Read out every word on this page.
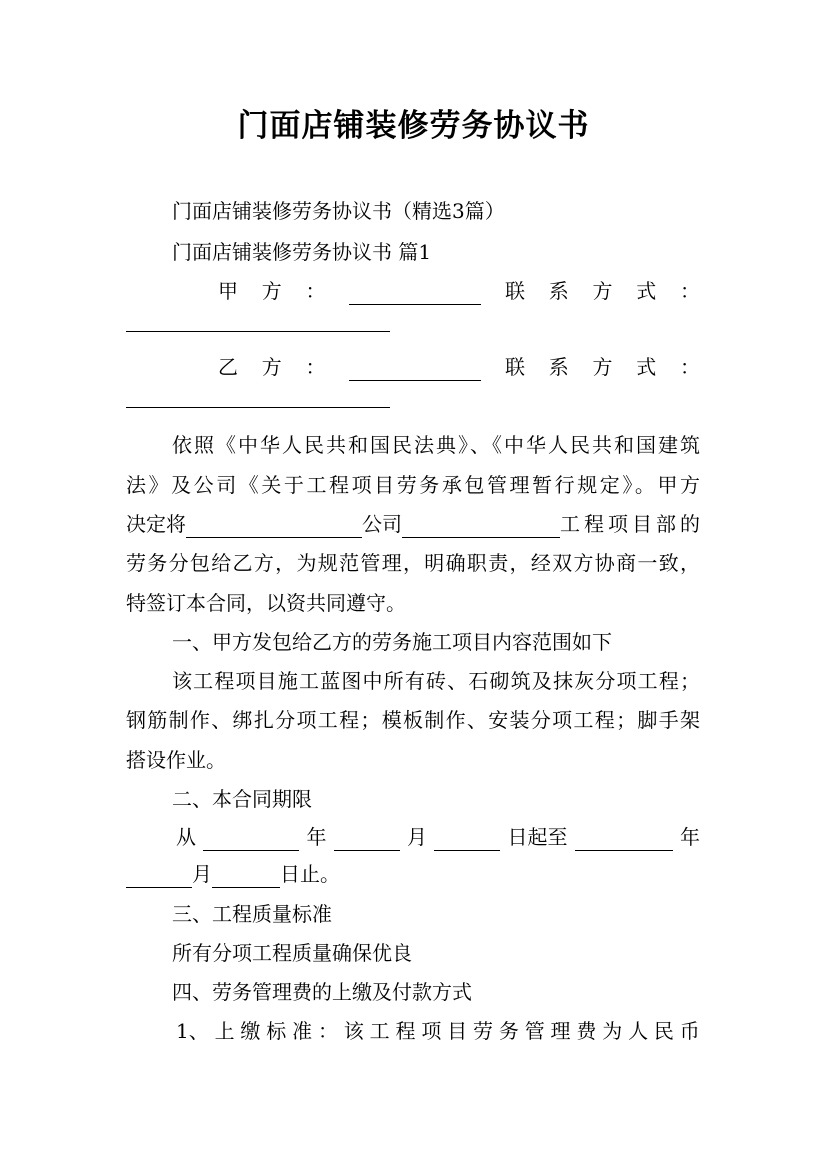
门面店铺装修劳务协议书
门面店铺装修劳务协议书（精选3篇）
门面店铺装修劳务协议书 篇1
甲 方 ：	联 系 方 式 ：
乙 方 ：	联 系 方 式 ：
依照《中华人民共和国民法典》、《中华人民共和国建筑
法》及公司《关于工程项目劳务承包管理暂行规定》。甲方
决定将	公司	工程项目部的
劳务分包给乙方，为规范管理，明确职责，经双方协商一致，
特签订本合同，以资共同遵守。
一、甲方发包给乙方的劳务施工项目内容范围如下
该工程项目施工蓝图中所有砖、石砌筑及抹灰分项工程；
钢筋制作、绑扎分项工程；模板制作、安装分项工程；脚手架
搭设作业。
二、本合同期限
从	年	月	日起至	年
月	日止。
三、工程质量标准
所有分项工程质量确保优良
四、劳务管理费的上缴及付款方式
1、 上 缴 标 准 ： 该 工 程 项 目 劳 务 管 理 费 为 人 民 币
